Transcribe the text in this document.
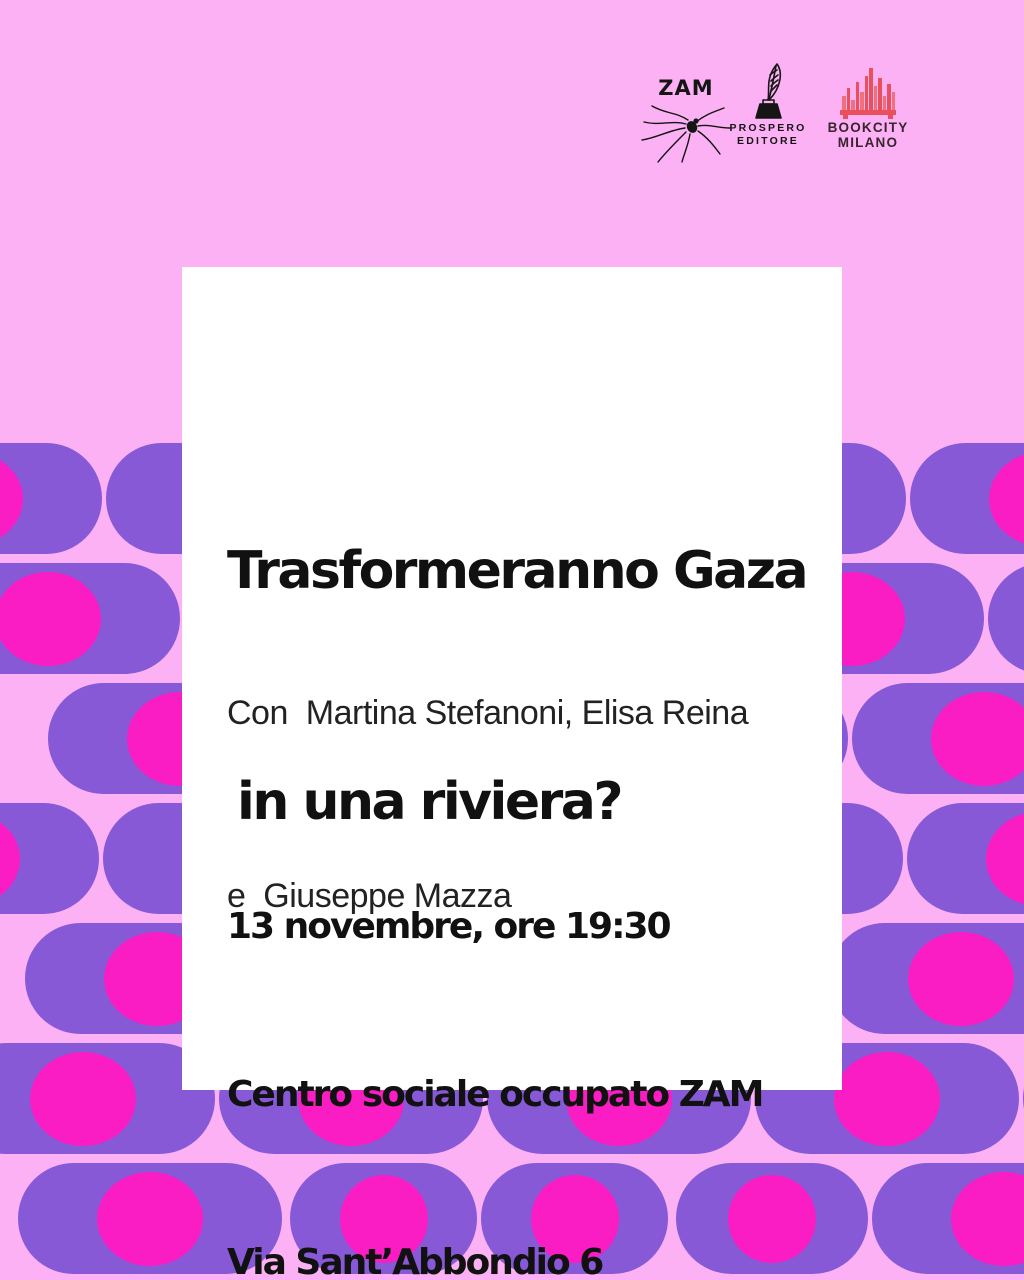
ZAM
PROSPERO
EDITORE
BOOKCITY
MILANO

Trasformeranno Gaza

in una riviera?

Con  Martina Stefanoni, Elisa Reina

e  Giuseppe Mazza

13 novembre, ore 19:30

Centro sociale occupato ZAM

Via Sant’Abbondio 6
